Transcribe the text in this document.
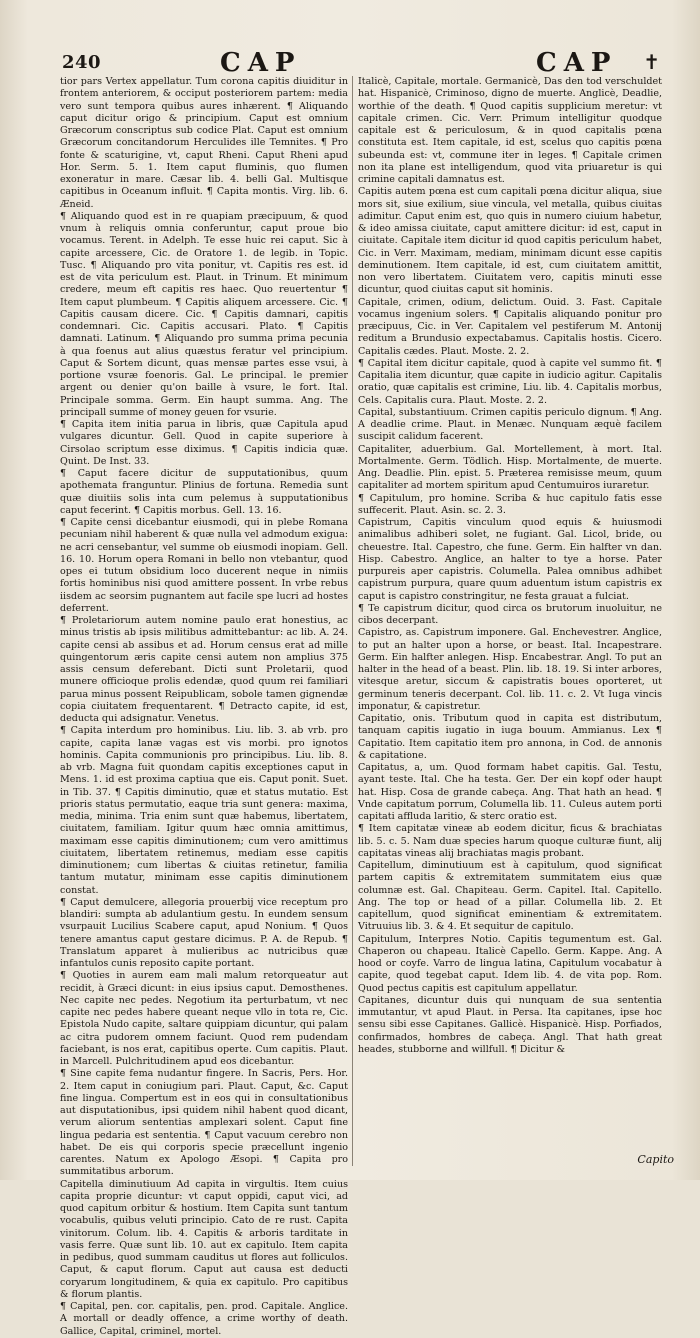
240	CAP	CAP ✝

tior pars Vertex appellatur. Tum corona capitis diuiditur in frontem anteriorem, & occiput posteriorem partem: media vero sunt tempora quibus aures inhærent. ¶ Aliquando caput dicitur origo & principium. Caput est omnium Græcorum conscriptus sub codice Plat. Caput est omnium Græcorum concitandorum Herculides ille Temnites. ¶ Pro fonte & scaturigine, vt, caput Rheni. Caput Rheni apud Hor. Serm. 5. 1. Item caput fluminis, quo flumen exoneratur in mare. Cæsar lib. 4. belli Gal. Multisque capitibus in Oceanum influit. ¶ Capita montis. Virg. lib. 6. Æneid.

¶ Aliquando quod est in re quapiam præcipuum, & quod vnum à reliquis omnia conferuntur, caput proue bio vocamus. Terent. in Adelph. Te esse huic rei caput. Sic à capite arcessere, Cic. de Oratore 1. de legib. in Topic. Tusc. ¶ Aliquando pro vita ponitur, vt. Capitis res est. id est de vita periculum est. Plaut. in Trinum. Et minimum credere, meum eft capitis res haec. Quo reuertentur ¶ Item caput plumbeum. ¶ Capitis aliquem arcessere. Cic. ¶ Capitis causam dicere. Cic. ¶ Capitis damnari, capitis condemnari. Cic. Capitis accusari. Plato. ¶ Capitis damnati. Latinum. ¶ Aliquando pro summa prima pecunia à qua foenus aut alius quæstus feratur vel principium. Caput & Sortem dicunt, quas mensæ partes esse vsui, à portione vsuræ foenoris. Gal. Le principal. le premier argent ou denier qu'on baille à vsure, le fort. Ital. Principale somma. Germ. Ein haupt summa. Ang. The principall summe of money geuen for vsurie.

¶ Capita item initia parua in libris, quæ Capitula apud vulgares dicuntur. Gell. Quod in capite superiore à Cirsolao scriptum esse diximus. ¶ Capitis indicia quæ. Quint. De Inst. 33.

¶ Caput facere dicitur de supputationibus, quum apothemata franguntur. Plinius de fortuna. Remedia sunt quæ diuitiis solis inta cum pelemus à supputationibus caput fecerint. ¶ Capitis morbus. Gell. 13. 16.

¶ Capite censi dicebantur eiusmodi, qui in plebe Romana pecuniam nihil haberent & quæ nulla vel admodum exigua: ne acri censebantur, vel summe ob eiusmodi inopiam. Gell. 16. 10. Horum opera Romani in bello non vtebantur, quod opes ei tutum obsidium loco ducerent neque in nimiis fortis hominibus nisi quod amittere possent. In vrbe rebus iisdem ac seorsim pugnantem aut facile spe lucri ad hostes deferrent.

¶ Proletariorum autem nomine paulo erat honestius, ac minus tristis ab ipsis militibus admittebantur: ac lib. A. 24. capite censi ab assibus et ad. Horum census erat ad mille quingentorum æris capite censi autem non amplius 375 assis censum deferebant. Dicti sunt Proletarii, quod munere officioque prolis edendæ, quod quum rei familiari parua minus possent Reipublicam, sobole tamen gignendæ copia ciuitatem frequentarent. ¶ Detracto capite, id est, deducta qui adsignatur. Venetus.

¶ Capita interdum pro hominibus. Liu. lib. 3. ab vrb. pro capite, capita lanæ vagas est vis morbi. pro ignotos hominis. Capita communionis pro principibus. Liu. lib. 8. ab vrb. Magna fuit quondam capitis exceptiones caput in Mens. 1. id est proxima captiua que eis. Caput ponit. Suet. in Tib. 37. ¶ Capitis diminutio, quæ et status mutatio. Est prioris status permutatio, eaque tria sunt genera: maxima, media, minima. Tria enim sunt quæ habemus, libertatem, ciuitatem, familiam. Igitur quum hæc omnia amittimus, maximam esse capitis diminutionem; cum vero amittimus ciuitatem, libertatem retinemus, mediam esse capitis diminutionem; cum libertas & ciuitas retinetur, familia tantum mutatur, minimam esse capitis diminutionem constat.

¶ Caput demulcere, allegoria prouerbij vice receptum pro blandiri: sumpta ab adulantium gestu. In eundem sensum vsurpauit Lucilius Scabere caput, apud Nonium. ¶ Quos tenere amantus caput gestare dicimus. P. A. de Repub. ¶ Translatum apparet à mulieribus ac nutricibus quæ infantulos cunis reposito capite portant.

¶ Quoties in aurem eam mali malum retorqueatur aut recidit, à Græci dicunt: in eius ipsius caput. Demosthenes. Nec capite nec pedes. Negotium ita perturbatum, vt nec capite nec pedes habere queant neque vllo in tota re, Cic. Epistola Nudo capite, saltare quippiam dicuntur, qui palam ac citra pudorem omnem faciunt. Quod rem pudendam faciebant, is nos erat, capitibus operte. Cum capitis. Plaut. in Marcell. Pulchritudinem apud eos dicebantur.

¶ Sine capite fema nudantur fingere. In Sacris, Pers. Hor. 2. Item caput in coniugium pari. Plaut. Caput, &c. Caput fine lingua. Compertum est in eos qui in consultationibus aut disputationibus, ipsi quidem nihil habent quod dicant, verum aliorum sententias amplexari solent. Caput fine lingua pedaria est sententia. ¶ Caput vacuum cerebro non habet. De eis qui corporis specie præcellunt ingenio carentes. Natum ex Apologo Æsopi. ¶ Capita pro summitatibus arborum.

Capitella diminutiuum Ad capita in virgultis. Item cuius capita proprie dicuntur: vt caput oppidi, caput vici, ad quod capitum orbitur & hostium. Item Capita sunt tantum vocabulis, quibus veluti principio. Cato de re rust. Capita vinitorum. Colum. lib. 4. Capitis & arboris tarditate in vasis ferre. Quæ sunt lib. 10. aut ex capitulo. Item capita in pedibus, quod summam cauditus ut flores aut folliculos. Caput, & caput florum. Caput aut causa est deducti coryarum longitudinem, & quia ex capitulo. Pro capitibus & florum plantis.

¶ Capital, pen. cor. capitalis, pen. prod. Capitale. Anglice. A mortall or deadly offence, a crime worthy of death. Gallice, Capital, criminel, mortel.

Italicè, Capitale, mortale. Germanicè, Das den tod verschuldet hat. Hispanicè, Criminoso, digno de muerte. Anglicè, Deadlie, worthie of the death. ¶ Quod capitis supplicium meretur: vt capitale crimen. Cic. Verr. Primum intelligitur quodque capitale est & periculosum, & in quod capitalis pœna constituta est. Item capitale, id est, scelus quo capitis pœna subeunda est: vt, commune iter in leges. ¶ Capitale crimen non ita plane est intelligendum, quod vita priuaretur is qui crimine capitali damnatus est.

Capitis autem pœna est cum capitali pœna dicitur aliqua, siue mors sit, siue exilium, siue vincula, vel metalla, quibus ciuitas adimitur. Caput enim est, quo quis in numero ciuium habetur, & ideo amissa ciuitate, caput amittere dicitur: id est, caput in ciuitate. Capitale item dicitur id quod capitis periculum habet, Cic. in Verr. Maximam, mediam, minimam dicunt esse capitis deminutionem. Item capitale, id est, cum ciuitatem amittit, non vero libertatem. Ciuitatem vero, capitis minuti esse dicuntur, quod ciuitas caput sit hominis.

Capitale, crimen, odium, delictum. Ouid. 3. Fast. Capitale vocamus ingenium solers. ¶ Capitalis aliquando ponitur pro præcipuus, Cic. in Ver. Capitalem vel pestiferum M. Antonij reditum a Brundusio expectabamus. Capitalis hostis. Cicero. Capitalis cædes. Plaut. Moste. 2. 2.

¶ Capital item dicitur capitale, quod à capite vel summo fit. ¶ Capitalia item dicuntur, quæ capite in iudicio agitur. Capitalis oratio, quæ capitalis est crimine, Liu. lib. 4. Capitalis morbus, Cels. Capitalis cura. Plaut. Moste. 2. 2.

Capital, substantiuum. Crimen capitis periculo dignum. ¶ Ang. A deadlie crime. Plaut. in Menæc. Nunquam æquè facilem suscipit calidum facerent.

Capitaliter, aduerbium. Gal. Mortellement, à mort. Ital. Mortalmente. Germ. Tödlich. Hisp. Mortalmente, de muerte. Ang. Deadlie. Plin. epist. 5. Præterea remisisse meum, quum capitaliter ad mortem spiritum apud Centumuiros iuraretur.

¶ Capitulum, pro homine. Scriba & huc capitulo fatis esse suffecerit. Plaut. Asin. sc. 2. 3.

Capistrum, Capitis vinculum quod equis & huiusmodi animalibus adhiberi solet, ne fugiant. Gal. Licol, bride, ou cheuestre. Ital. Capestro, che fune. Germ. Ein halfter vn dan. Hisp. Cabestro. Anglice, an halter to tye a horse. Pater purpureis aper capistris. Columella. Palea omnibus adhibet capistrum purpura, quare quum aduentum istum capistris ex caput is capistro constringitur, ne festa grauat a fulciat.

¶ Te capistrum dicitur, quod circa os brutorum inuoluitur, ne cibos decerpant.

Capistro, as. Capistrum imponere. Gal. Enchevestrer. Anglice, to put an halter upon a horse, or beast. Ital. Incapestrare. Germ. Ein halfter anlegen. Hisp. Encabestrar. Angl. To put an halter in the head of a beast. Plin. lib. 18. 19. Si inter arbores, vitesque aretur, siccum & capistratis boues oporteret, ut germinum teneris decerpant. Col. lib. 11. c. 2. Vt Iuga vincis imponatur, & capistretur.

Capitatio, onis. Tributum quod in capita est distributum, tanquam capitis iugatio in iuga bouum. Ammianus. Lex ¶ Capitatio. Item capitatio item pro annona, in Cod. de annonis & capitatione.

Capitatus, a, um. Quod formam habet capitis. Gal. Testu, ayant teste. Ital. Che ha testa. Ger. Der ein kopf oder haupt hat. Hisp. Cosa de grande cabeça. Ang. That hath an head. ¶ Vnde capitatum porrum, Columella lib. 11. Culeus autem porti capitati affluda laritio, & sterc oratio est.

¶ Item capitatæ vineæ ab eodem dicitur, ficus & brachiatas lib. 5. c. 5. Nam duæ species harum quoque culturæ fiunt, alij capitatas vineas alij brachiatas magis probant.

Capitellum, diminutiuum est à capitulum, quod significat partem capitis & extremitatem summitatem eius quæ columnæ est. Gal. Chapiteau. Germ. Capitel. Ital. Capitello. Ang. The top or head of a pillar. Columella lib. 2. Et capitellum, quod significat eminentiam & extremitatem. Vitruuius lib. 3. & 4. Et sequitur de capitulo.

Capitulum, Interpres Notio. Capitis tegumentum est. Gal. Chaperon ou chapeau. Italicè Capello. Germ. Kappe. Ang. A hood or coyfe. Varro de lingua latina, Capitulum vocabatur à capite, quod tegebat caput. Idem lib. 4. de vita pop. Rom. Quod pectus capitis est capitulum appellatur.

Capitanes, dicuntur duis qui nunquam de sua sententia immutantur, vt apud Plaut. in Persa. Ita capitanes, ipse hoc sensu sibi esse Capitanes. Gallicè. Hispanicè. Hisp. Porfiados, confirmados, hombres de cabeça. Angl. That hath great heades, stubborne and willfull. ¶ Dicitur &

Capito
